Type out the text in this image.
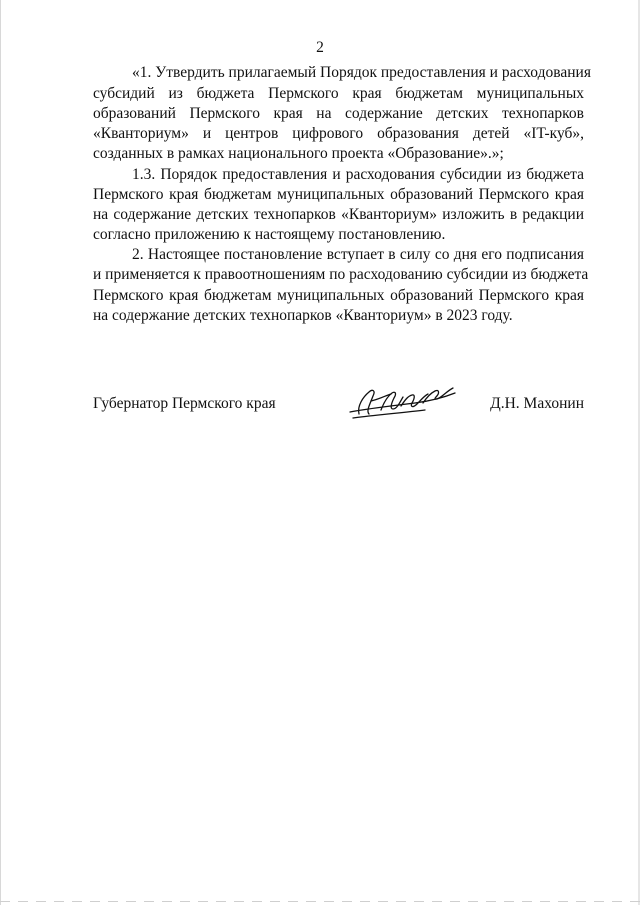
2
«1. Утвердить прилагаемый Порядок предоставления и расходования
субсидий из бюджета Пермского края бюджетам муниципальных
образований Пермского края на содержание детских технопарков
«Кванториум» и центров цифрового образования детей «IT-куб»,
созданных в рамках национального проекта «Образование».»;
1.3. Порядок предоставления и расходования субсидии из бюджета
Пермского края бюджетам муниципальных образований Пермского края
на содержание детских технопарков «Кванториум» изложить в редакции
согласно приложению к настоящему постановлению.
2. Настоящее постановление вступает в силу со дня его подписания
и применяется к правоотношениям по расходованию субсидии из бюджета
Пермского края бюджетам муниципальных образований Пермского края
на содержание детских технопарков «Кванториум» в 2023 году.
Губернатор Пермского края	Д.Н. Махонин
